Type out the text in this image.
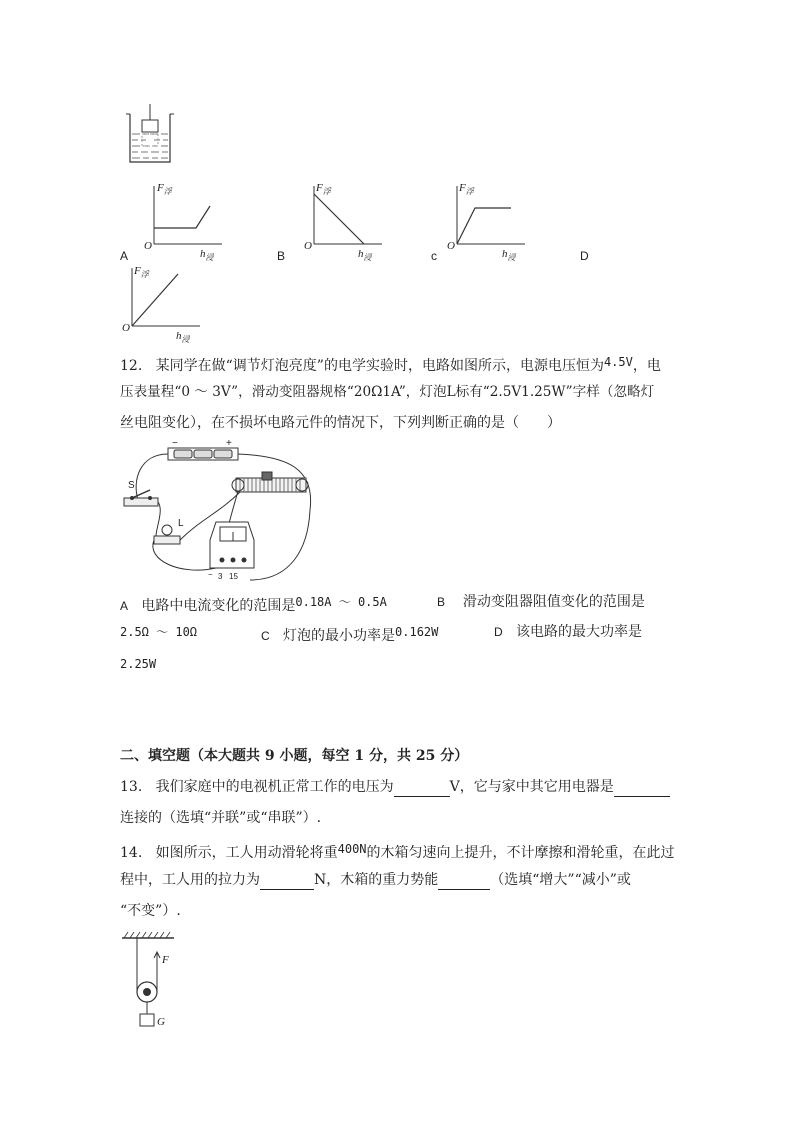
$F_浮$
O
$h_浸$
A
$F_浮$
O
$h_浸$
B
$F_浮$
O
$h_浸$
c	D
$F_浮$
O
$h_浸$
12. 某同学在做“调节灯泡亮度”的电学实验时，电路如图所示，电源电压恒为4.5V，电
压表量程“0 ～ 3V”，滑动变阻器规格“20Ω1A”，灯泡L标有“2.5V1.25W”字样（忽略灯
丝电阻变化），在不损坏电路元件的情况下，下列判断正确的是（　　）
−	+
S
L
− 3 15
A 电路中电流变化的范围是0.18A ～ 0.5A	B 滑动变阻器阻值变化的范围是
2.5Ω ～ 10Ω	C 灯泡的最小功率是0.162W	D 该电路的最大功率是
2.25W
二、填空题（本大题共 9 小题，每空 1 分，共 25 分）
13. 我们家庭中的电视机正常工作的电压为	V，它与家中其它用电器是
连接的（选填“并联”或“串联”）.
14. 如图所示，工人用动滑轮将重400N的木箱匀速向上提升，不计摩擦和滑轮重，在此过
程中，工人用的拉力为	N，木箱的重力势能	（选填“增大”“减小”或
“不变”）.
F
G
